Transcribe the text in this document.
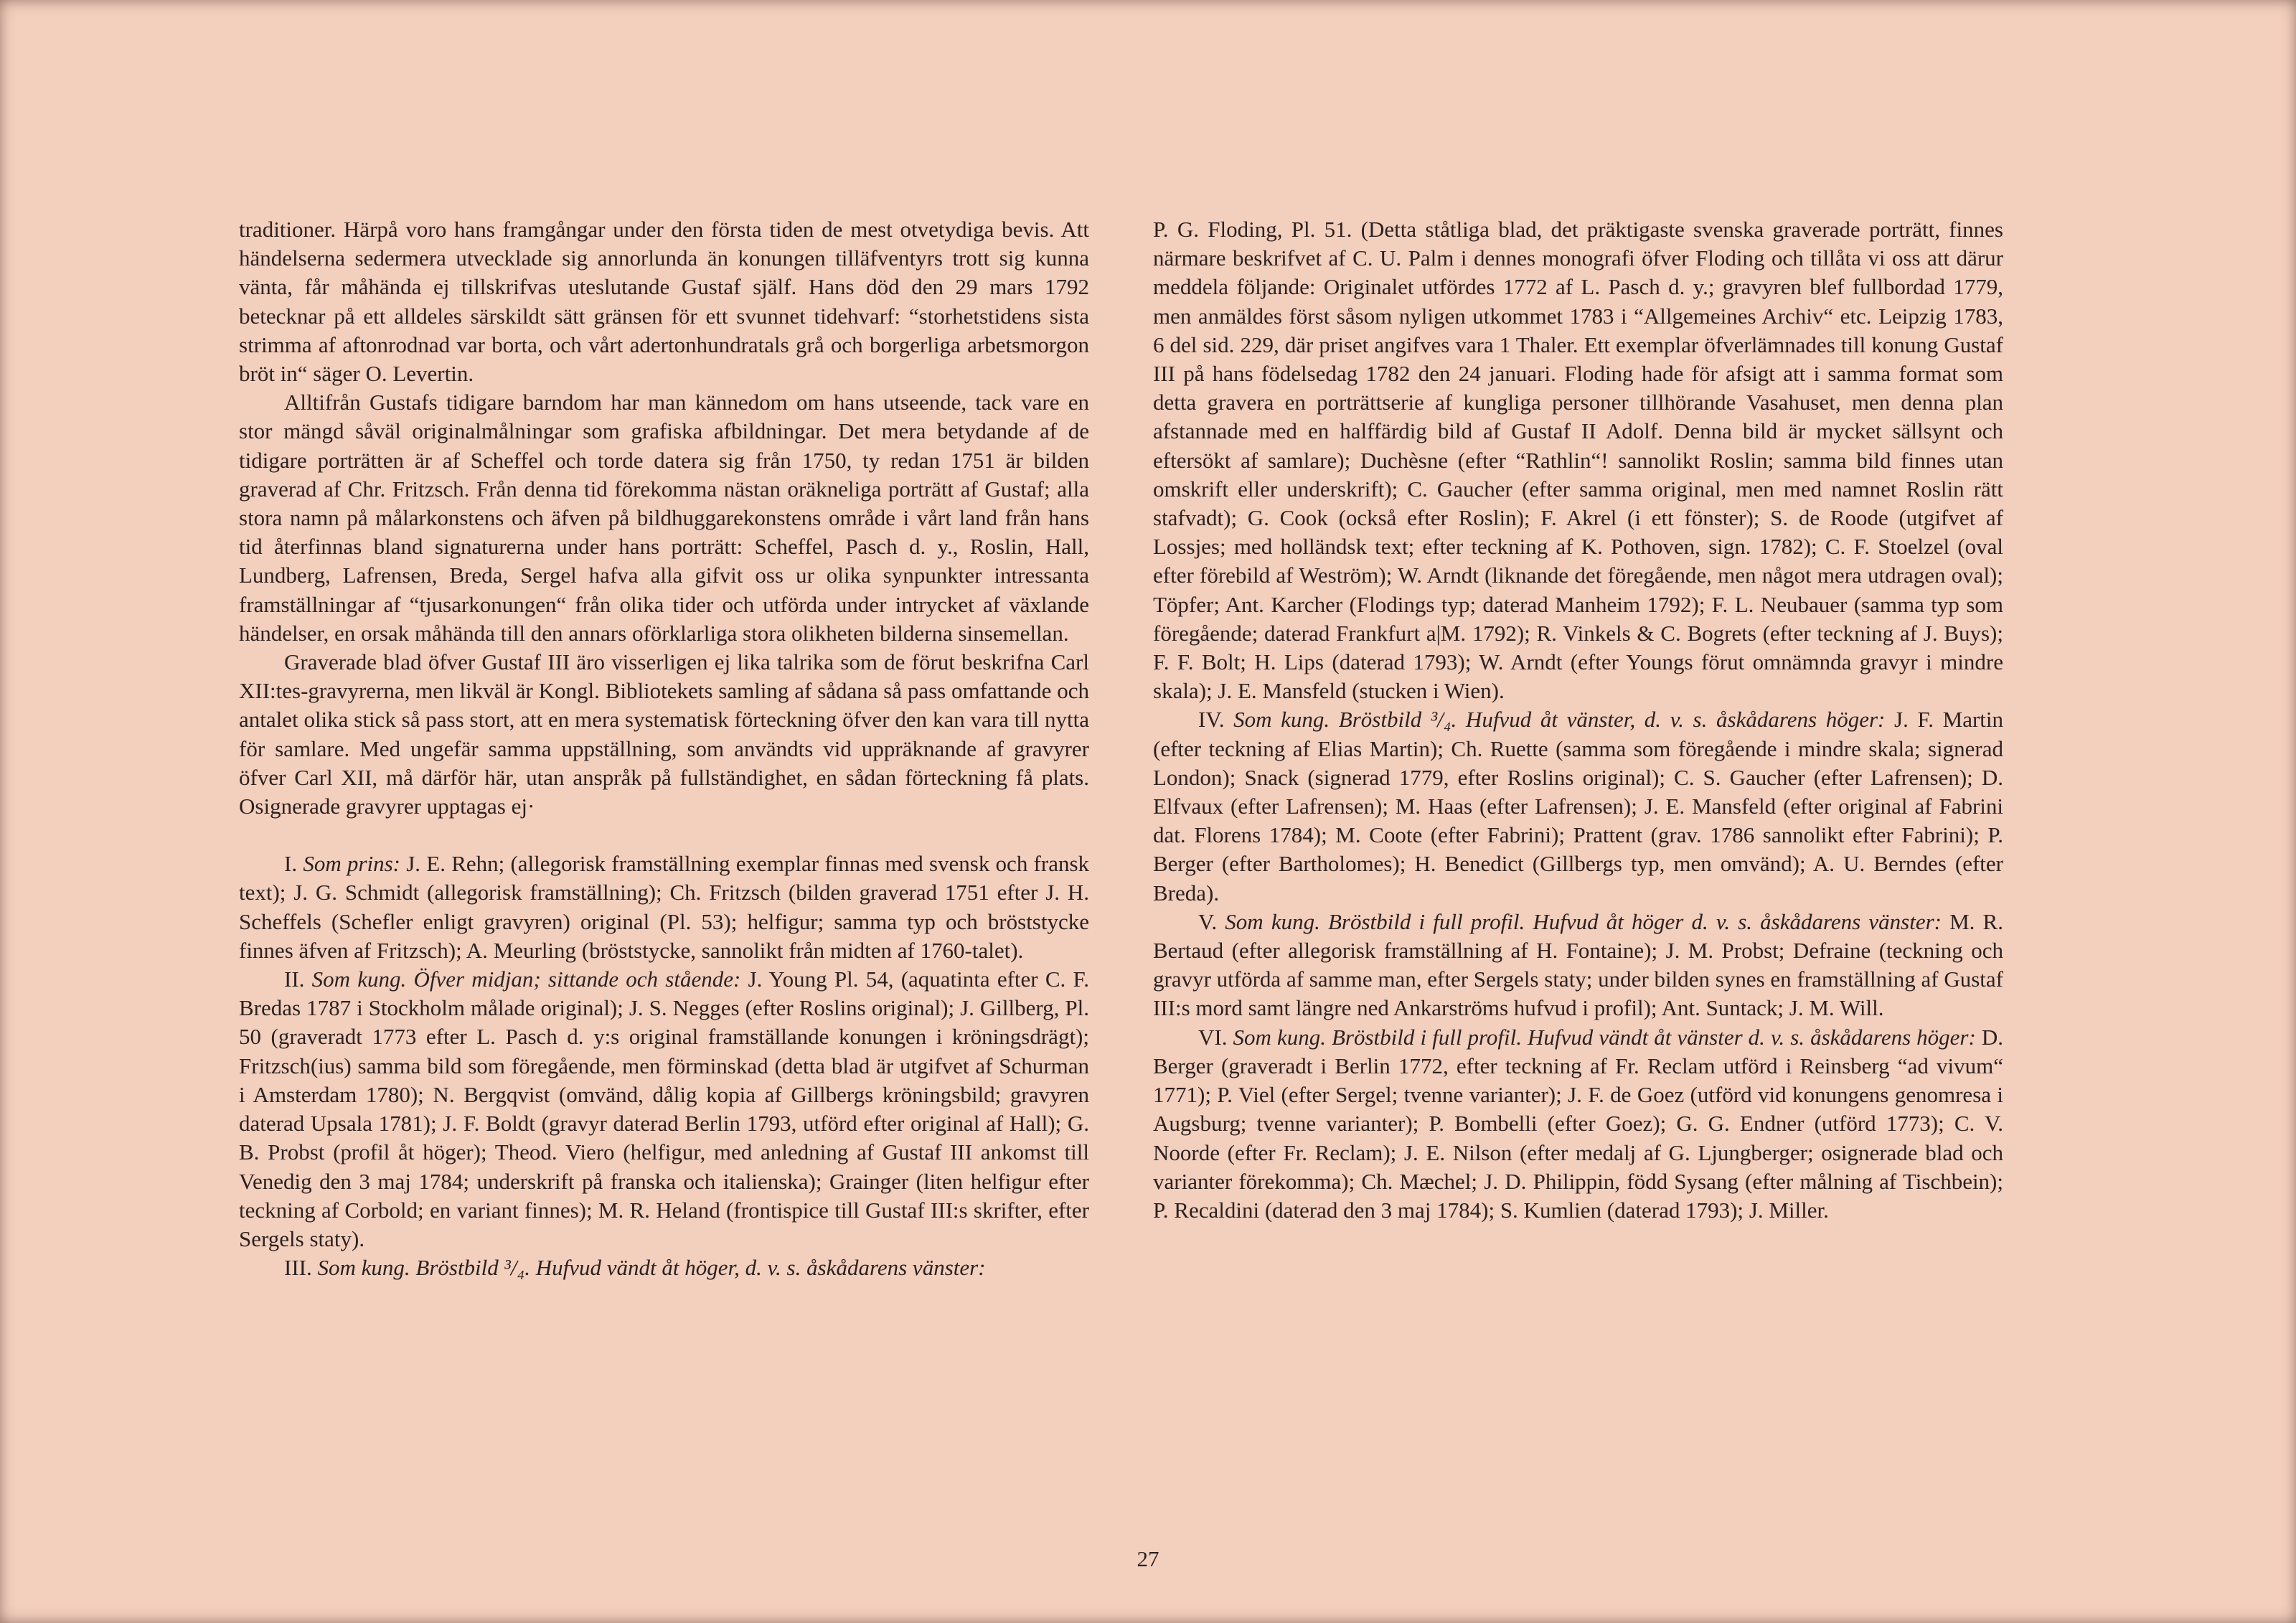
traditioner. Härpå voro hans framgångar under den första tiden de mest otvetydiga bevis. Att händelserna sedermera utvecklade sig annorlunda än konungen tilläfventyrs trott sig kunna vänta, får måhända ej tillskrifvas uteslutande Gustaf själf. Hans död den 29 mars 1792 betecknar på ett alldeles särskildt sätt gränsen för ett svunnet tidehvarf: “storhetstidens sista strimma af aftonrodnad var borta, och vårt adertonhundratals grå och borgerliga arbetsmorgon bröt in“ säger O. Levertin.

Alltifrån Gustafs tidigare barndom har man kännedom om hans utseende, tack vare en stor mängd såväl originalmålningar som grafiska afbildningar. Det mera betydande af de tidigare porträtten är af Scheffel och torde datera sig från 1750, ty redan 1751 är bilden graverad af Chr. Fritzsch. Från denna tid förekomma nästan oräkneliga porträtt af Gustaf; alla stora namn på målarkonstens och äfven på bildhuggarekonstens område i vårt land från hans tid återfinnas bland signaturerna under hans porträtt: Scheffel, Pasch d. y., Roslin, Hall, Lundberg, Lafrensen, Breda, Sergel hafva alla gifvit oss ur olika synpunkter intressanta framställningar af “tjusarkonungen“ från olika tider och utförda under intrycket af växlande händelser, en orsak måhända till den annars oförklarliga stora olikheten bilderna sinsemellan.

Graverade blad öfver Gustaf III äro visserligen ej lika talrika som de förut beskrifna Carl XII:tes-gravyrerna, men likväl är Kongl. Bibliotekets samling af sådana så pass omfattande och antalet olika stick så pass stort, att en mera systematisk förteckning öfver den kan vara till nytta för samlare. Med ungefär samma uppställning, som användts vid uppräknande af gravyrer öfver Carl XII, må därför här, utan anspråk på fullständighet, en sådan förteckning få plats. Osignerade gravyrer upptagas ej·

I. Som prins: J. E. Rehn; (allegorisk framställning exemplar finnas med svensk och fransk text); J. G. Schmidt (allegorisk framställning); Ch. Fritzsch (bilden graverad 1751 efter J. H. Scheffels (Schefler enligt gravyren) original (Pl. 53); helfigur; samma typ och bröststycke finnes äfven af Fritzsch); A. Meurling (bröststycke, sannolikt från midten af 1760-talet).

II. Som kung. Öfver midjan; sittande och stående: J. Young Pl. 54, (aquatinta efter C. F. Bredas 1787 i Stockholm målade original); J. S. Negges (efter Roslins original); J. Gillberg, Pl. 50 (graveradt 1773 efter L. Pasch d. y:s original framställande konungen i kröningsdrägt); Fritzsch(ius) samma bild som föregående, men förminskad (detta blad är utgifvet af Schurman i Amsterdam 1780); N. Bergqvist (omvänd, dålig kopia af Gillbergs kröningsbild; gravyren daterad Upsala 1781); J. F. Boldt (gravyr daterad Berlin 1793, utförd efter original af Hall); G. B. Probst (profil åt höger); Theod. Viero (helfigur, med anledning af Gustaf III ankomst till Venedig den 3 maj 1784; underskrift på franska och italienska); Grainger (liten helfigur efter teckning af Corbold; en variant finnes); M. R. Heland (frontispice till Gustaf III:s skrifter, efter Sergels staty).

III. Som kung. Bröstbild ³/₄. Hufvud vändt åt höger, d. v. s. åskådarens vänster:

P. G. Floding, Pl. 51. (Detta ståtliga blad, det präktigaste svenska graverade porträtt, finnes närmare beskrifvet af C. U. Palm i dennes monografi öfver Floding och tillåta vi oss att därur meddela följande: Originalet utfördes 1772 af L. Pasch d. y.; gravyren blef fullbordad 1779, men anmäldes först såsom nyligen utkommet 1783 i “Allgemeines Archiv“ etc. Leipzig 1783, 6 del sid. 229, där priset angifves vara 1 Thaler. Ett exemplar öfverlämnades till konung Gustaf III på hans födelsedag 1782 den 24 januari. Floding hade för afsigt att i samma format som detta gravera en porträttserie af kungliga personer tillhörande Vasahuset, men denna plan afstannade med en halffärdig bild af Gustaf II Adolf. Denna bild är mycket sällsynt och eftersökt af samlare); Duchèsne (efter “Rathlin“! sannolikt Roslin; samma bild finnes utan omskrift eller underskrift); C. Gaucher (efter samma original, men med namnet Roslin rätt stafvadt); G. Cook (också efter Roslin); F. Akrel (i ett fönster); S. de Roode (utgifvet af Lossjes; med holländsk text; efter teckning af K. Pothoven, sign. 1782); C. F. Stoelzel (oval efter förebild af Weström); W. Arndt (liknande det föregående, men något mera utdragen oval); Töpfer; Ant. Karcher (Flodings typ; daterad Manheim 1792); F. L. Neubauer (samma typ som föregående; daterad Frankfurt a|M. 1792); R. Vinkels & C. Bogrets (efter teckning af J. Buys); F. F. Bolt; H. Lips (daterad 1793); W. Arndt (efter Youngs förut omnämnda gravyr i mindre skala); J. E. Mansfeld (stucken i Wien).

IV. Som kung. Bröstbild ³/₄. Hufvud åt vänster, d. v. s. åskådarens höger: J. F. Martin (efter teckning af Elias Martin); Ch. Ruette (samma som föregående i mindre skala; signerad London); Snack (signerad 1779, efter Roslins original); C. S. Gaucher (efter Lafrensen); D. Elfvaux (efter Lafrensen); M. Haas (efter Lafrensen); J. E. Mansfeld (efter original af Fabrini dat. Florens 1784); M. Coote (efter Fabrini); Prattent (grav. 1786 sannolikt efter Fabrini); P. Berger (efter Bartholomes); H. Benedict (Gillbergs typ, men omvänd); A. U. Berndes (efter Breda).

V. Som kung. Bröstbild i full profil. Hufvud åt höger d. v. s. åskådarens vänster: M. R. Bertaud (efter allegorisk framställning af H. Fontaine); J. M. Probst; Defraine (teckning och gravyr utförda af samme man, efter Sergels staty; under bilden synes en framställning af Gustaf III:s mord samt längre ned Ankarströms hufvud i profil); Ant. Suntack; J. M. Will.

VI. Som kung. Bröstbild i full profil. Hufvud vändt åt vänster d. v. s. åskådarens höger: D. Berger (graveradt i Berlin 1772, efter teckning af Fr. Reclam utförd i Reinsberg “ad vivum“ 1771); P. Viel (efter Sergel; tvenne varianter); J. F. de Goez (utförd vid konungens genomresa i Augsburg; tvenne varianter); P. Bombelli (efter Goez); G. G. Endner (utförd 1773); C. V. Noorde (efter Fr. Reclam); J. E. Nilson (efter medalj af G. Ljungberger; osignerade blad och varianter förekomma); Ch. Mæchel; J. D. Philippin, född Sysang (efter målning af Tischbein); P. Recaldini (daterad den 3 maj 1784); S. Kumlien (daterad 1793); J. Miller.

27
